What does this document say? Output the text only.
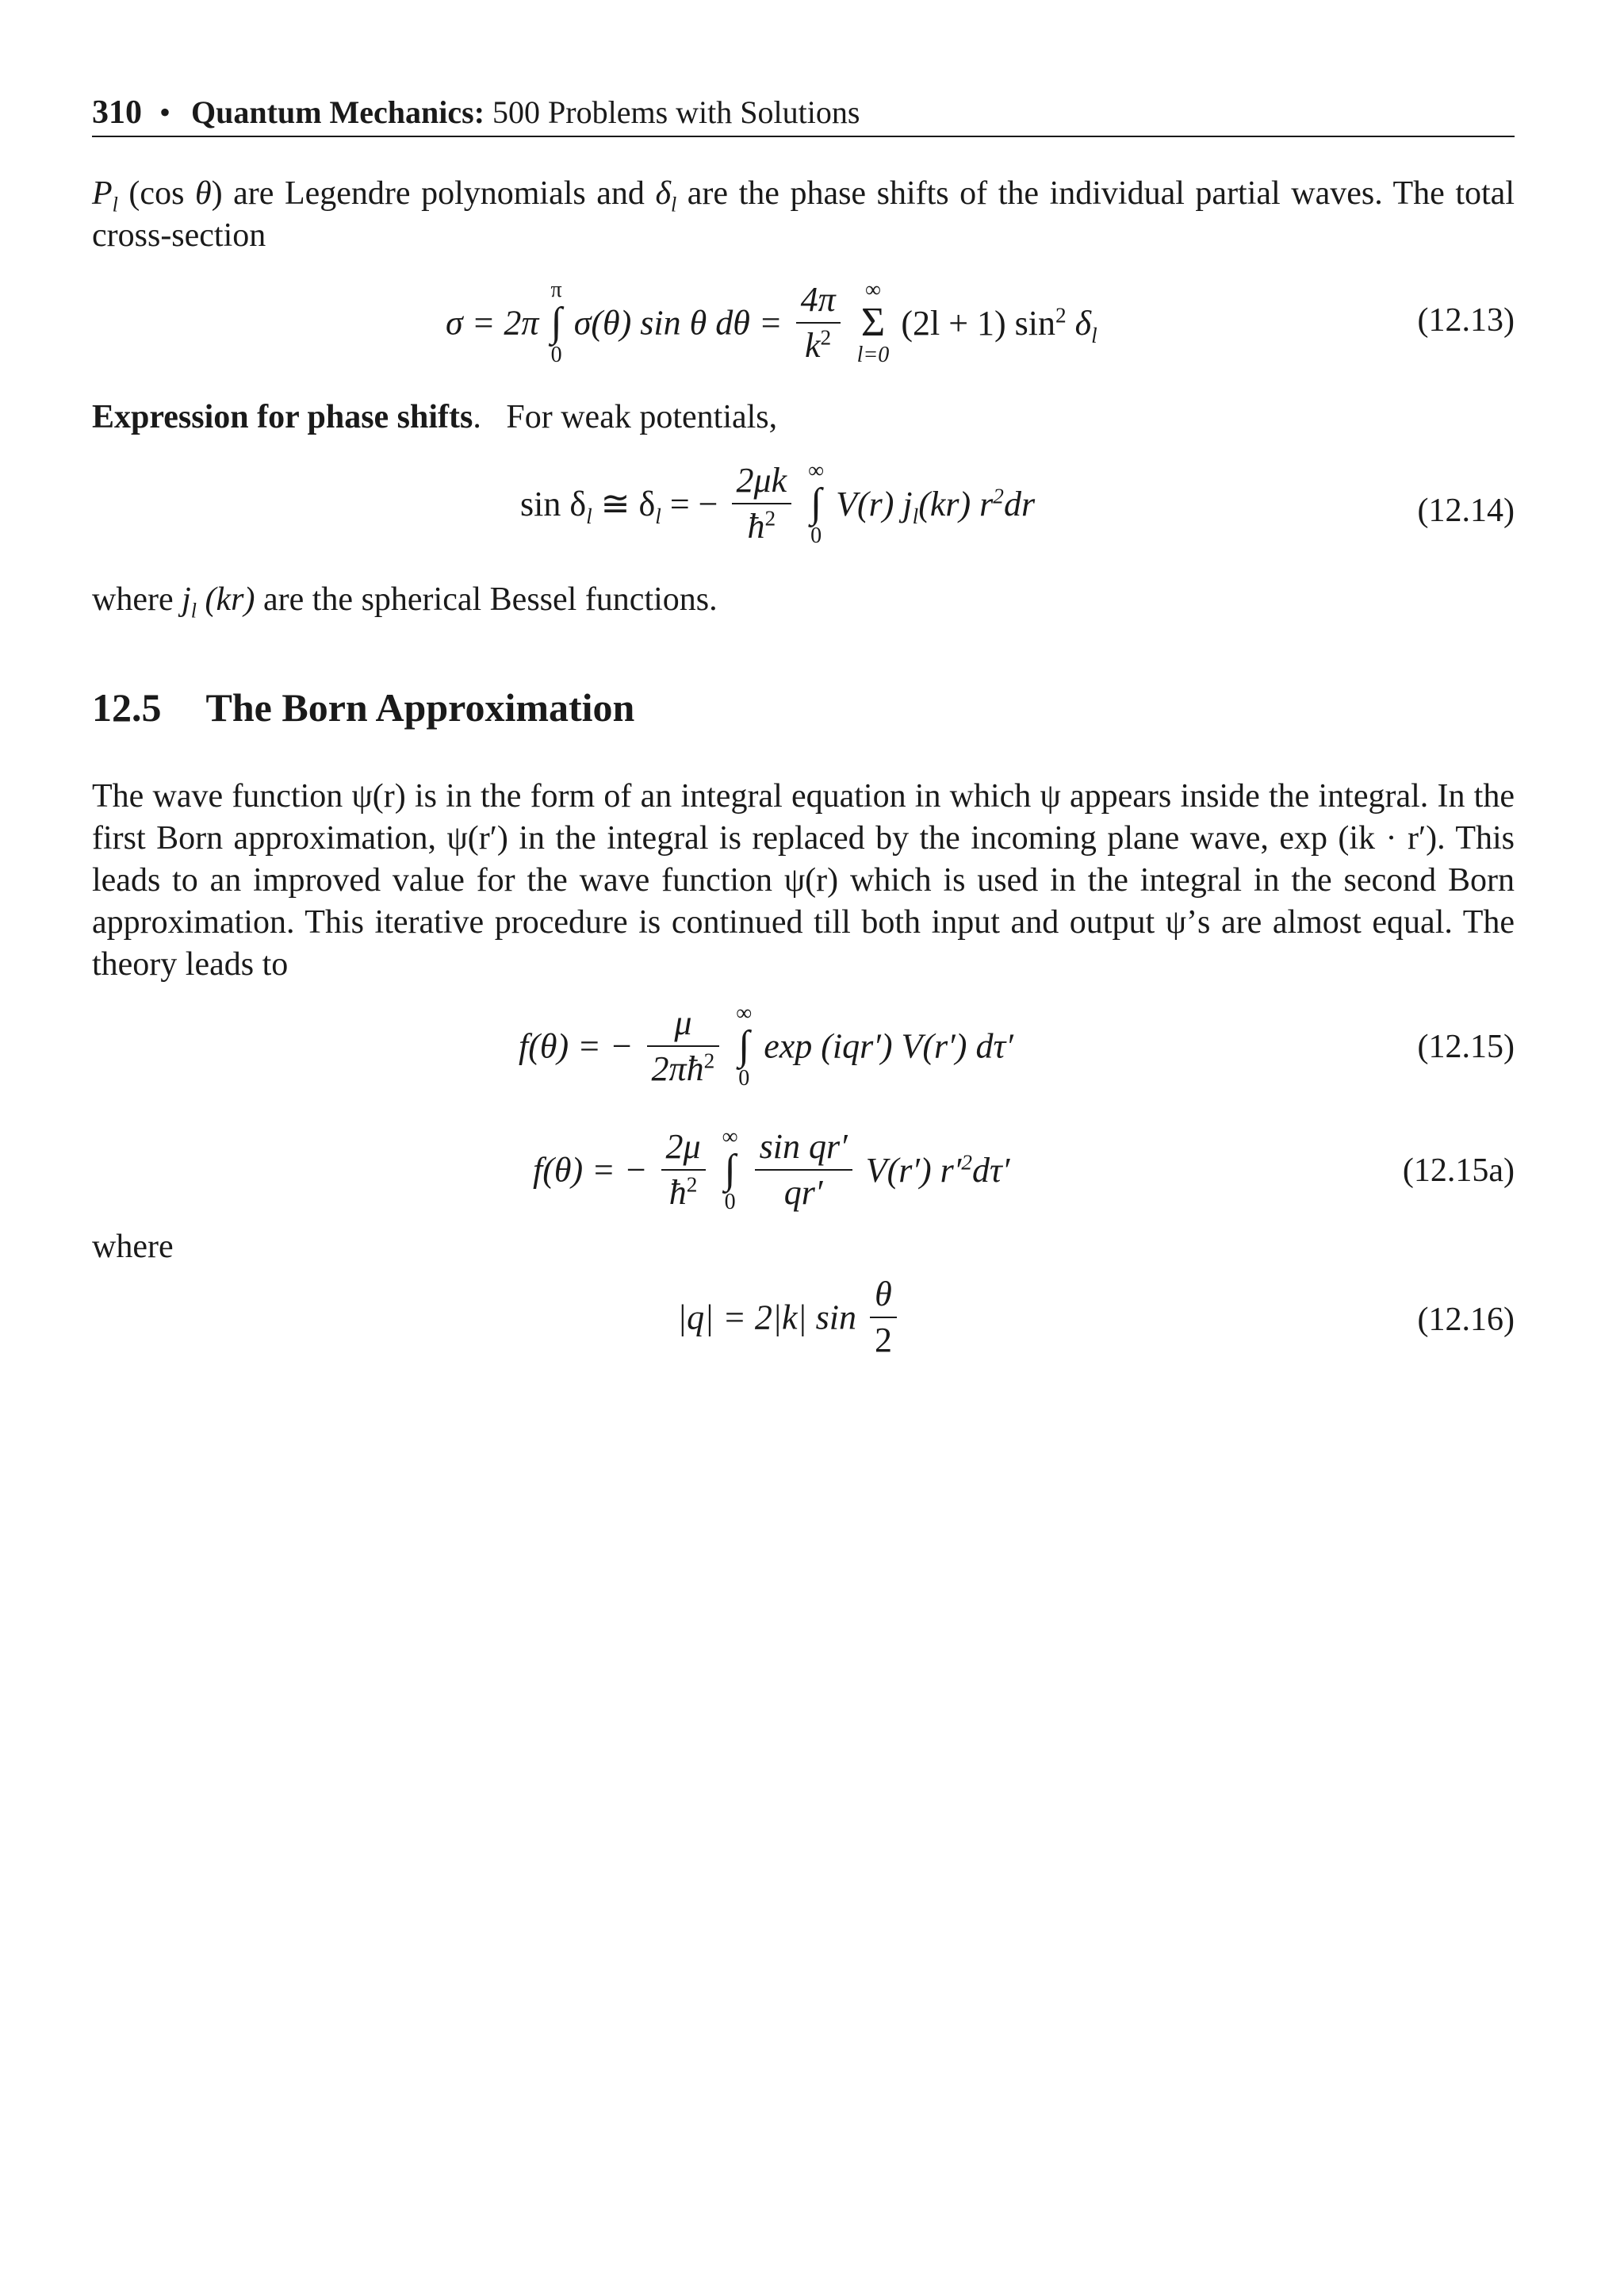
310 • Quantum Mechanics: 500 Problems with Solutions
$P_l$ (cos θ) are Legendre polynomials and $\delta_l$ are the phase shifts of the individual partial waves. The total cross-section
σ = 2π
π
∫
0
σ(θ) sin θ $d\theta = \frac{4\pi}{k^2}$
	∞
Σ
l=0
(2l + 1) $\sin^2 \delta_l$	(12.13)
Expression for phase shifts. For weak potentials,
$\sin \delta_l$ ≅ $\delta_l$ = − $\frac{2\mu k}{ħ^2}$
∞
∫
0
V(r) $j_l(kr)$ $r^2dr$	(12.14)
where $j_l$ (kr) are the spherical Bessel functions.
12.5 The Born Approximation
The wave function ψ(r) is in the form of an integral equation in which ψ appears inside the integral. In the first Born approximation, ψ(r′) in the integral is replaced by the incoming plane wave, exp (ik · r′). This leads to an improved value for the wave function ψ(r) which is used in the integral in the second Born approximation. This iterative procedure is continued till both input and output ψ’s are almost equal. The theory leads to
f(θ) = − $\frac{\mu}{2\pi ħ^2}$
∞
∫
0
exp (iqr′) V(r′) dτ′	(12.15)
f(θ) = − $\frac{2\mu}{ħ^2}$
∞
∫
0
$\frac{\text{sin qr′}}{qr'} V(r')$ $r'^2d\tau'$	(12.15a)
where
|q| = 2|k| $\sin \frac{\theta}{2}$	(12.16)
